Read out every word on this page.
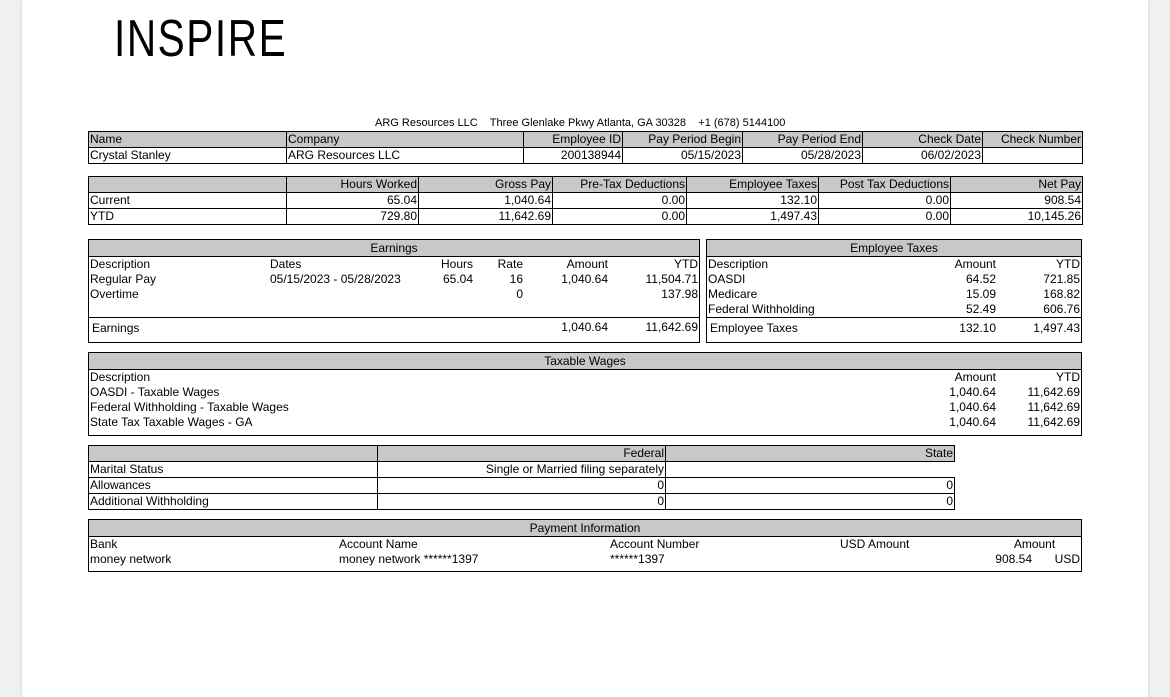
INSPIRE
ARG Resources LLC Three Glenlake Pkwy Atlanta, GA 30328 +1 (678) 5144100
Name	Company	Employee ID	Pay Period Begin	Pay Period End	Check Date	Check Number
Crystal Stanley	ARG Resources LLC	200138944	05/15/2023	05/28/2023	06/02/2023	
	Hours Worked	Gross Pay	Pre-Tax Deductions	Employee Taxes	Post Tax Deductions	Net Pay
Current	65.04	1,040.64	0.00	132.10	0.00	908.54
YTD	729.80	11,642.69	0.00	1,497.43	0.00	10,145.26
Earnings
Description	Dates	Hours	Rate	Amount	YTD
Regular Pay	05/15/2023 - 05/28/2023	65.04	16	1,040.64	11,504.71
Overtime			0		137.98

Earnings				1,040.64	11,642.69
Employee Taxes
Description	Amount	YTD
OASDI	64.52	721.85
Medicare	15.09	168.82
Federal Withholding	52.49	606.76
Employee Taxes	132.10	1,497.43
Taxable Wages
Description	Amount	YTD
OASDI - Taxable Wages	1,040.64	11,642.69
Federal Withholding - Taxable Wages	1,040.64	11,642.69
State Tax Taxable Wages - GA	1,040.64	11,642.69
	Federal	State
Marital Status	Single or Married filing separately	
Allowances	0	0
Additional Withholding	0	0
Payment Information
Bank	Account Name	Account Number	USD Amount	Amount	
money network	money network ******1397	******1397		908.54	USD
